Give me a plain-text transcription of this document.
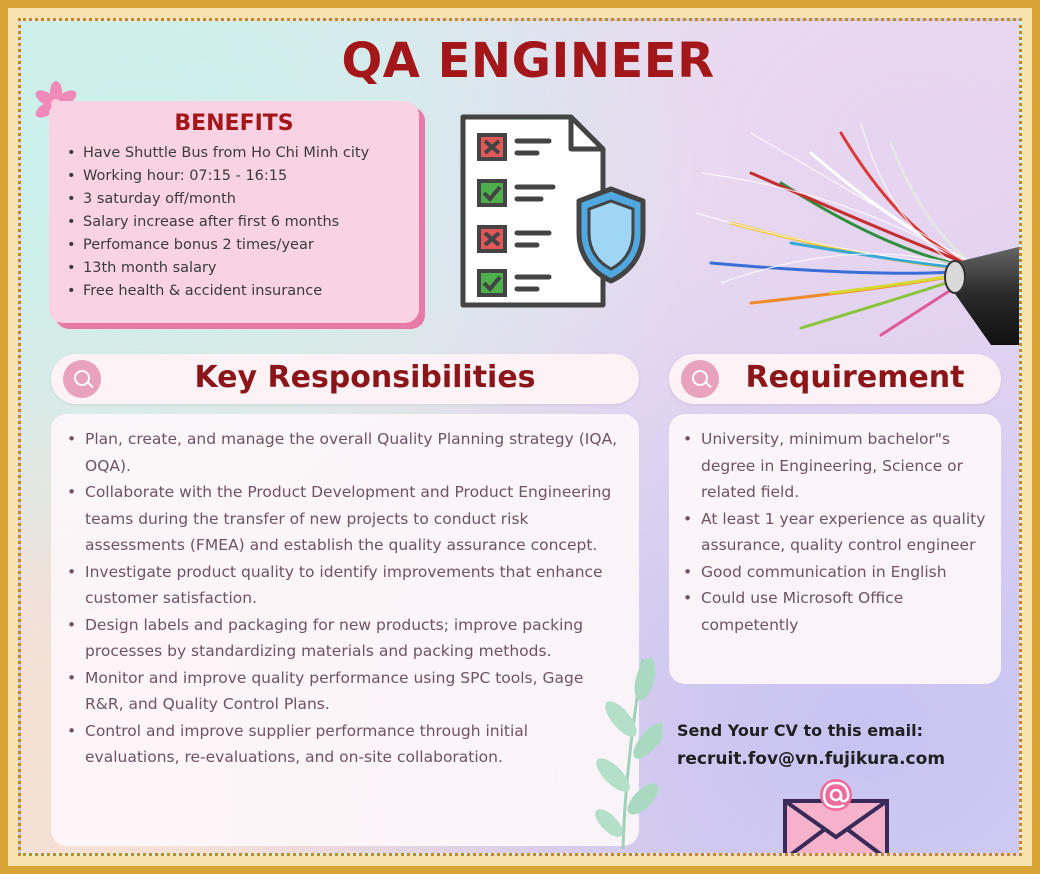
QA ENGINEER
BENEFITS
• Have Shuttle Bus from Ho Chi Minh city
• Working hour: 07:15 - 16:15
• 3 saturday off/month
• Salary increase after first 6 months
• Perfomance bonus 2 times/year
• 13th month salary
• Free health & accident insurance
Key Responsibilities	Requirement
• Plan, create, and manage the overall Quality Planning strategy (IQA, OQA).
• Collaborate with the Product Development and Product Engineering teams during the transfer of new projects to conduct risk assessments (FMEA) and establish the quality assurance concept.
• Investigate product quality to identify improvements that enhance customer satisfaction.
• Design labels and packaging for new products; improve packing processes by standardizing materials and packing methods.
• Monitor and improve quality performance using SPC tools, Gage R&R, and Quality Control Plans.
• Control and improve supplier performance through initial evaluations, re-evaluations, and on-site collaboration.
• University, minimum bachelor"s degree in Engineering, Science or related field.
• At least 1 year experience as quality assurance, quality control engineer
• Good communication in English
• Could use Microsoft Office competently
Send Your CV to this email:
recruit.fov@vn.fujikura.com
